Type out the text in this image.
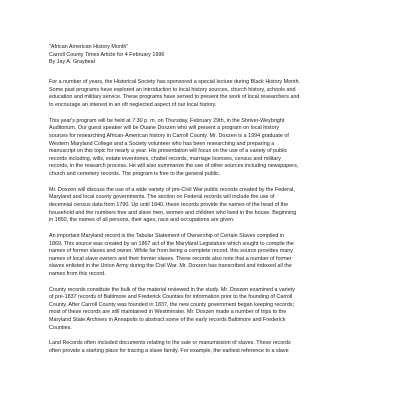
"African American History Month"

Carroll County Times Article for 4 February 1996

By Jay A. Graybeal

For a number of years, the Historical Society has sponsored a special lecture during Black History Month.
Some past programs have explored an introduction to local history sources, church history, schools and
education and military service. These programs have served to present the work of local researchers and
to encourage an interest in an oft neglected aspect of our local history.

This year's program will be held at 7:30 p. m. on Thursday, February 29th, in the Shriver-Weybright
Auditorium. Our guest speaker will be Duane Doxzen who will present a program on local history
sources for researching African-American history in Carroll County. Mr. Doxzen is a 1994 graduate of
Western Maryland College and a Society volunteer who has been researching and preparing a
manuscript on this topic for nearly a year. His presentation will focus on the use of a variety of public
records including, wills, estate inventories, chattel records, marriage licenses, census and military
records, in the research process. He will also summarize the use of other sources including newspapers,
church and cemetery records. The program is free to the general public.

Mr. Doxzen will discuss the use of a wide variety of pre-Civil War public records created by the Federal,
Maryland and local county governments. The section on Federal records will include the use of
decennial census data from 1790. Up until 1840, these records provide the names of the head of the
household and the numbers free and slave men, women and children who lived in the house. Beginning
in 1850, the names of all persons, their ages, race and occupations are given.

An important Maryland record is the Tabular Statement of Ownership of Certain Slaves compiled in
1869. This source was created by an 1867 act of the Maryland Legislature which sought to compile the
names of former slaves and owner. While far from being a complete record, this source provides many
names of local slave owners and their former slaves. These records also note that a number of former
slaves enlisted in the Union Army during the Civil War. Mr. Doxzen has transcribed and indexed all the
names from this record.

County records constitute the bulk of the material reviewed in the study. Mr. Doxzen examined a variety
of pre-1837 records of Baltimore and Frederick Counties for information prior to the founding of Carroll
County. After Carroll County was founded in 1837, the new county government began keeping records;
most of these records are still maintained in Westminster. Mr. Doxzen made a number of trips to the
Maryland State Archives in Annapolis to abstract some of the early records Baltimore and Frederick
Counties.

Land Records often included documents relating to the sale or manumission of slaves. These records
often provide a starting place for tracing a slave family. For example, the earliest reference to a slave
